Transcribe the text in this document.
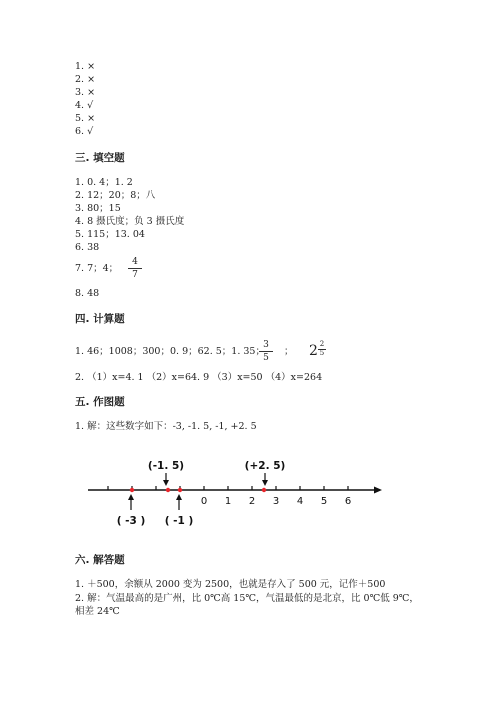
1. ×
2. ×
3. ×
4. √
5. ×
6. √
三. 填空题
1. 0. 4；1. 2
2. 12；20；8；八
3. 80；15
4. 8 摄氏度；负 3 摄氏度
5. 115；13. 04
6. 38
7. 7；4；
4
7
8. 48
四. 计算题
1. 46；1008；300；0. 9；62. 5；1. 35；
3
5
； 2 2
5
2. （1）x=4. 1 （2）x=64. 9 （3）x=50 （4）x=264
五. 作图题
1. 解：这些数字如下：-3, -1. 5, -1, +2. 5
0 1 2 3 4 5 6
(-1. 5)	(+2. 5)
( -3 ) ( -1 )
六. 解答题
1. ＋500，余额从 2000 变为 2500，也就是存入了 500 元，记作＋500
2. 解：气温最高的是广州，比 0℃高 15℃，气温最低的是北京，比 0℃低 9℃，
相差 24℃
